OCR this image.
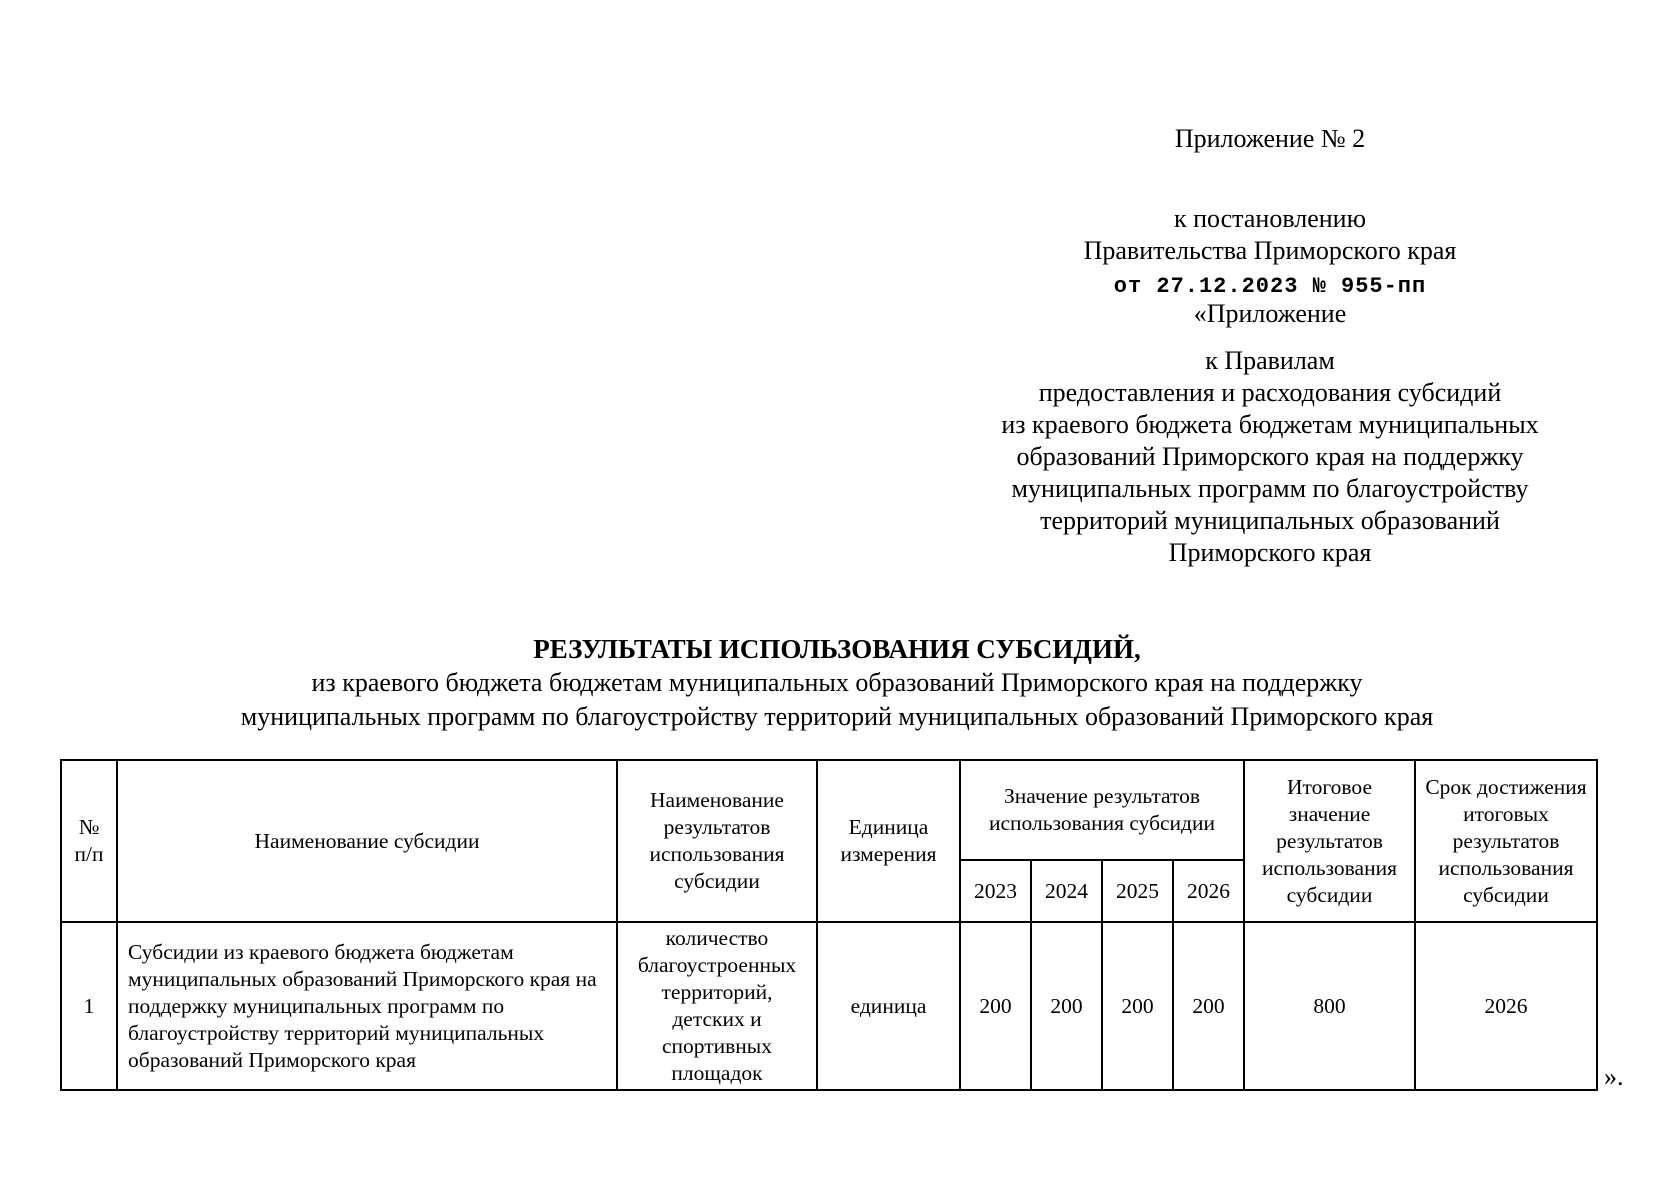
Приложение № 2
к постановлению
Правительства Приморского края
от 27.12.2023 № 955-пп
«Приложение
к Правилам
предоставления и расходования субсидий
из краевого бюджета бюджетам муниципальных
образований Приморского края на поддержку
муниципальных программ по благоустройству
территорий муниципальных образований
Приморского края
РЕЗУЛЬТАТЫ ИСПОЛЬЗОВАНИЯ СУБСИДИЙ,
из краевого бюджета бюджетам муниципальных образований Приморского края на поддержку
муниципальных программ по благоустройству территорий муниципальных образований Приморского края
№ п/п	Наименование субсидии	Наименование результатов использования субсидии	Единица измерения	Значение результатов использования субсидии				Итоговое значение результатов использования субсидии	Срок достижения итоговых результатов использования субсидии
				2023	2024	2025	2026		
1	Субсидии из краевого бюджета бюджетам муниципальных образований Приморского края на поддержку муниципальных программ по благоустройству территорий муниципальных образований Приморского края	количество благоустроенных территорий, детских и спортивных площадок	единица	200	200	200	200	800	2026
».
